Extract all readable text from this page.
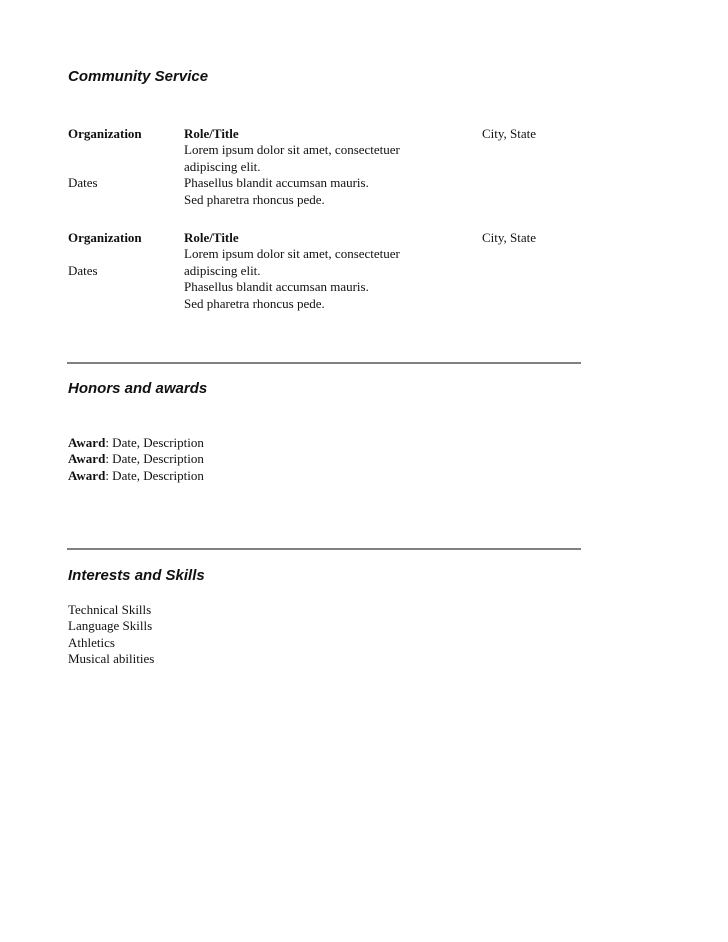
Community Service
Organization
Dates
City, State
Role/Title
Lorem ipsum dolor sit amet, consectetuer
adipiscing elit.
Phasellus blandit accumsan mauris.
Sed pharetra rhoncus pede.
Organization
Dates
City, State
Role/Title
Lorem ipsum dolor sit amet, consectetuer
adipiscing elit.
Phasellus blandit accumsan mauris.
Sed pharetra rhoncus pede.
Honors and awards
Award: Date, Description
Award: Date, Description
Award: Date, Description
Interests and Skills
Technical Skills
Language Skills
Athletics
Musical abilities
